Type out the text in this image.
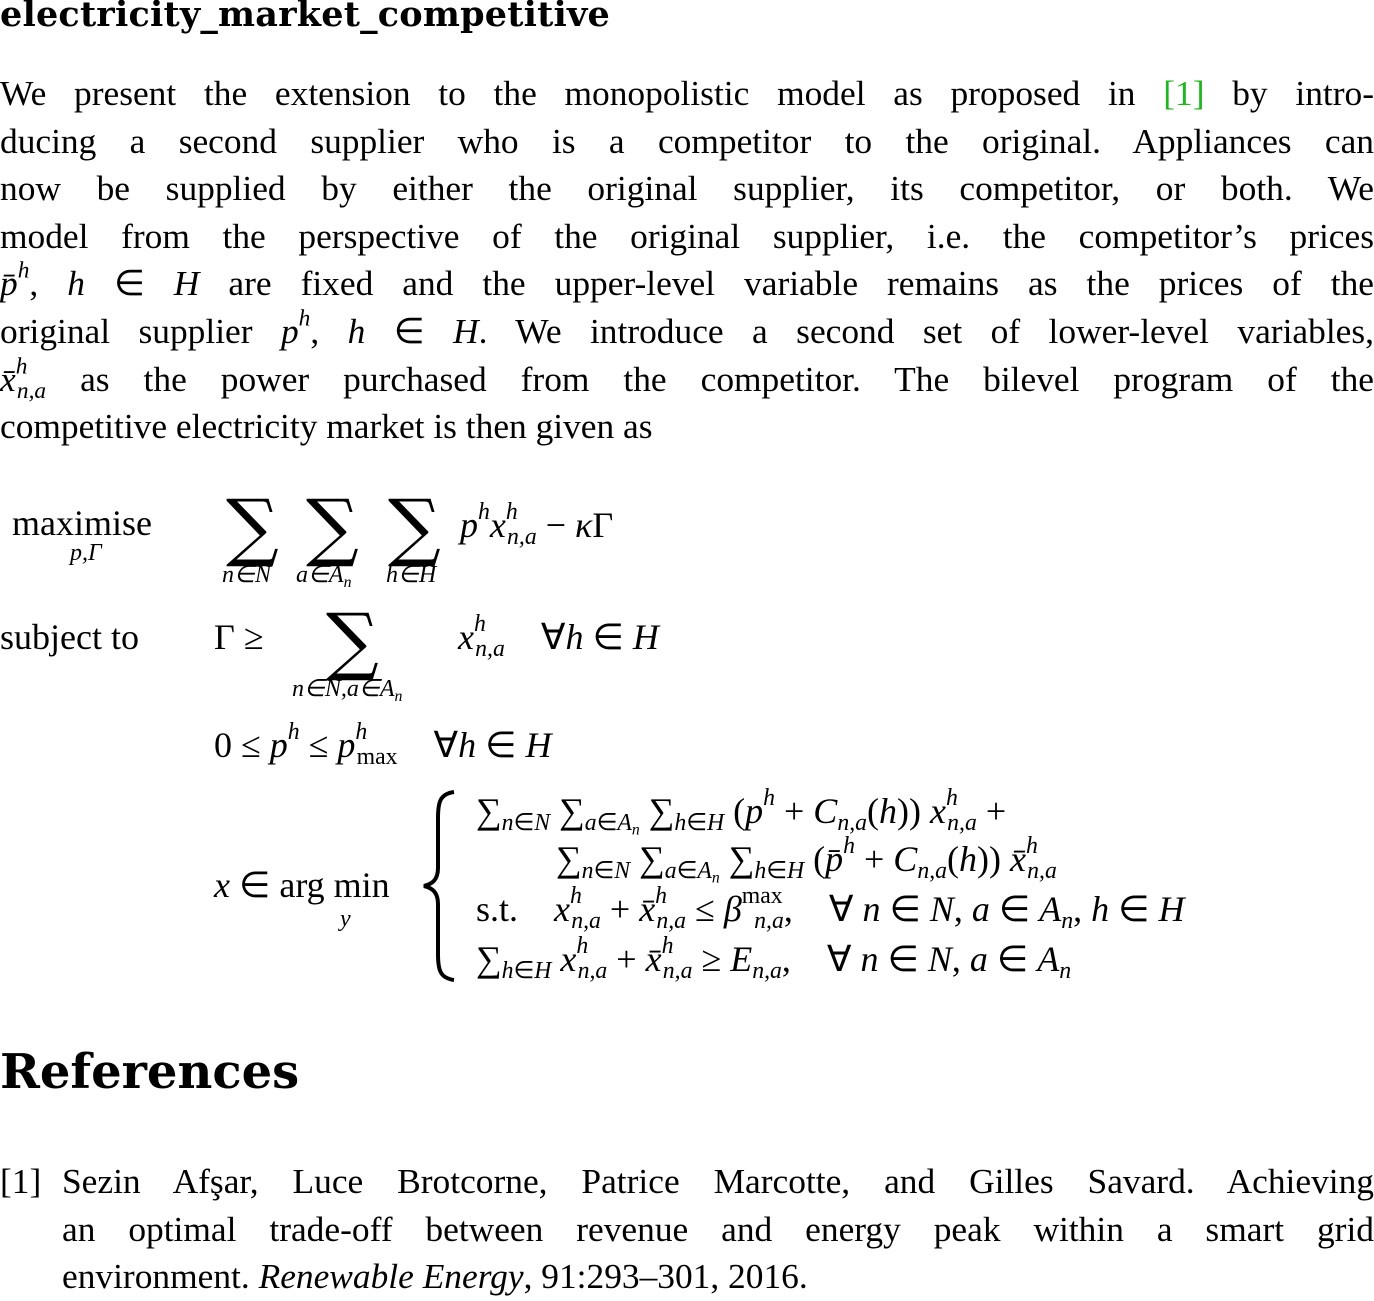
electricity_market_competitive
We present the extension to the monopolistic model as proposed in [1] by intro-
ducing a second supplier who is a competitor to the original. Appliances can
now be supplied by either the original supplier, its competitor, or both. We
model from the perspective of the original supplier, i.e. the competitor’s prices
p̄$^h$, h ∈ H are fixed and the upper-level variable remains as the prices of the
original supplier $p^h$, h ∈ H. We introduce a second set of lower-level variables,
x̄$^h_{n,a}$ as the power purchased from the competitor. The bilevel program of the
competitive electricity market is then given as
maximise
p,Γ ∑ ∑ ∑
n∈N $a\in A_n$ h∈H
$p^hx^h_{n,a} - \kappa\Gamma$
subject to Γ ≥ ∑
$n\in N,a\in A_n$
$x^h_{n,a}$    ∀h ∈ H
$0 \le p^h \le p^h_{max}$    ∀h ∈ H
x ∈ arg min
y
$\sum_{n\in N}$ $\sum_{a\in A_n}$ $\sum_{h\in H}$ $(p^h + C_{n,a}(h)) x^h_{n,a}$ +
$\sum_{n\in N}$ $\sum_{a\in A_n}$ $\sum_{h\in H}$ (p̄$^h$ + $C_{n,a}(h)$) x̄$^h_{n,a}$
s.t. $x^h_{n,a}$ + x̄$^h_{n,a}$ ≤ $\beta^{max}_{n,a}$,    ∀ n ∈ N, a ∈ $A_n$, h ∈ H
$\sum_{h\in H}$ $x^h_{n,a}$ + x̄$^h_{n,a}$ ≥ $E_{n,a}$,    ∀ n ∈ N, a ∈ $A_n$
References
[1] Sezin Afşar, Luce Brotcorne, Patrice Marcotte, and Gilles Savard. Achieving
an optimal trade-off between revenue and energy peak within a smart grid
environment. Renewable Energy, 91:293–301, 2016.
